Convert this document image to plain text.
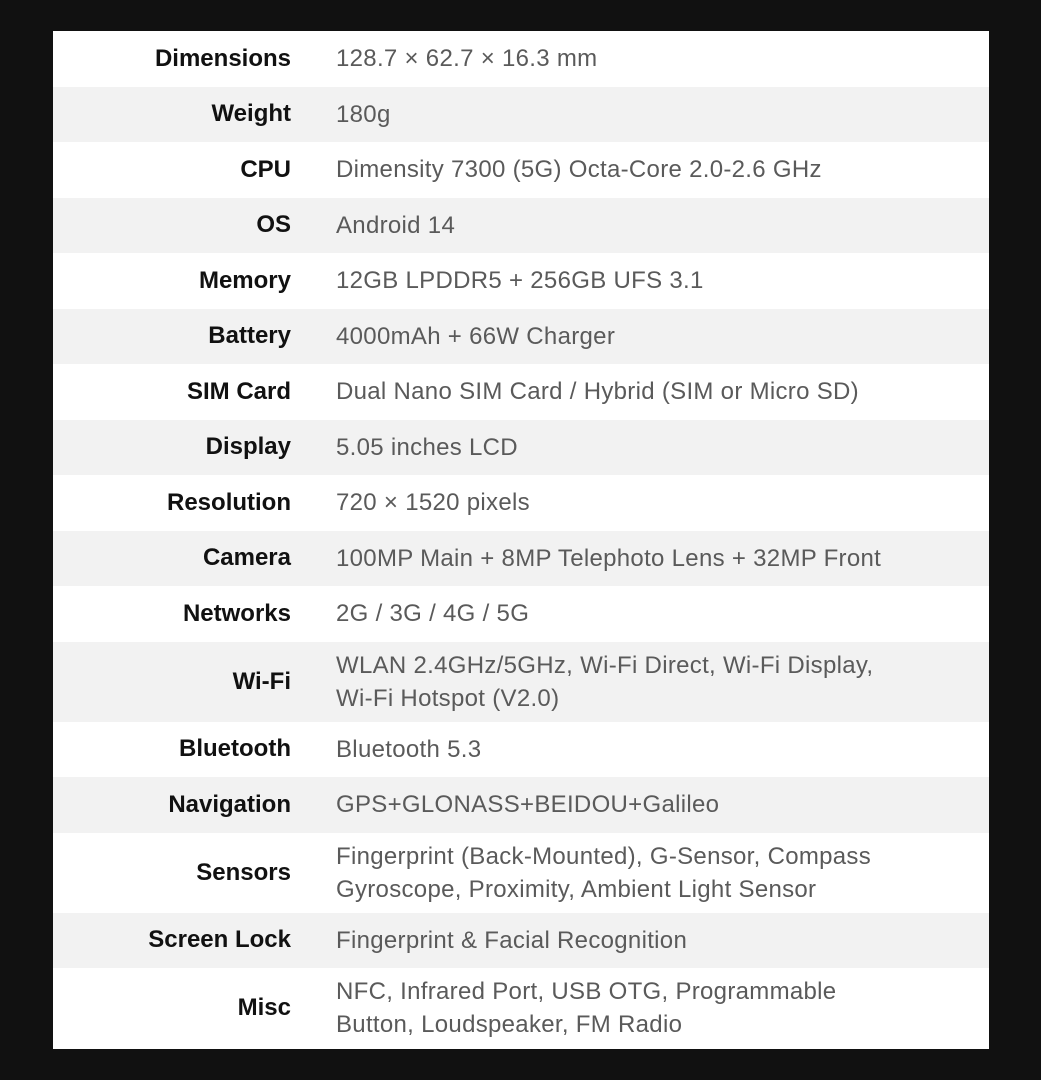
Dimensions 128.7 × 62.7 × 16.3 mm
Weight 180g
CPU Dimensity 7300 (5G) Octa-Core 2.0-2.6 GHz
OS Android 14
Memory 12GB LPDDR5 + 256GB UFS 3.1
Battery 4000mAh + 66W Charger
SIM Card Dual Nano SIM Card / Hybrid (SIM or Micro SD)
Display 5.05 inches LCD
Resolution 720 × 1520 pixels
Camera 100MP Main + 8MP Telephoto Lens + 32MP Front
Networks 2G / 3G / 4G / 5G
Wi-Fi
WLAN 2.4GHz/5GHz, Wi-Fi Direct, Wi-Fi Display,
Wi-Fi Hotspot (V2.0)
Bluetooth Bluetooth 5.3
Navigation GPS+GLONASS+BEIDOU+Galileo
Sensors
Fingerprint (Back-Mounted), G-Sensor, Compass
Gyroscope, Proximity, Ambient Light Sensor
Screen Lock Fingerprint & Facial Recognition
Misc
NFC, Infrared Port, USB OTG, Programmable
Button, Loudspeaker, FM Radio
